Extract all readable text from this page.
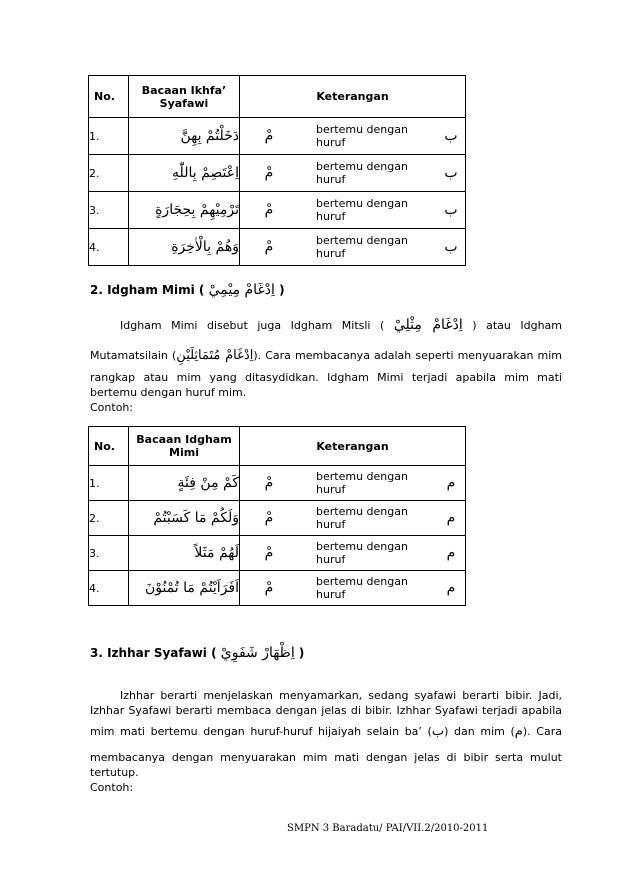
No.	Bacaan Ikhfa’ Syafawi	Keterangan
1.	دَخَلْتُمْ بِهِنَّ	مْ bertemu dengan huruf ب

2.	اِعْتَصِمْ بِاللّٰهِ	مْ bertemu dengan huruf ب

3.	تَرْمِيْهِمْ بِحِجَارَةٍ	مْ bertemu dengan huruf ب

4.	وَهُمْ بِالْاٰخِرَةِ	مْ bertemu dengan huruf ب
2. Idgham Mimi ( اِدْغَامْ مِيْمِيْ )
Idgham Mimi disebut juga Idgham Mitsli ( اِدْغَامْ مِثْلِيْ ) atau Idgham
Mutamatsilain (اِدْغَامْ مُتَمَاثِلَيْنِ). Cara membacanya adalah seperti menyuarakan mim
rangkap atau mim yang ditasydidkan. Idgham Mimi terjadi apabila mim mati
bertemu dengan huruf mim.
Contoh:
No.	Bacaan Idgham Mimi	Keterangan
1.	كَمْ مِنْ فِئَةٍ	مْ bertemu dengan huruf م

2.	وَلَكُمْ مَا كَسَبْتُمْ	مْ bertemu dengan huruf م

3.	لَهُمْ مَثَلاً	مْ bertemu dengan huruf م

4.	اَفَرَاَيْتُمْ مَا تُمْنُوْنَ	مْ bertemu dengan huruf م
3. Izhhar Syafawi ( اِظْهَارْ شَفَوِيْ )
Izhhar berarti menjelaskan menyamarkan, sedang syafawi berarti bibir. Jadi,
Izhhar Syafawi berarti membaca dengan jelas di bibir. Izhhar Syafawi terjadi apabila
mim mati bertemu dengan huruf-huruf hijaiyah selain ba’ (ب) dan mim (م). Cara
membacanya dengan menyuarakan mim mati dengan jelas di bibir serta mulut
tertutup.
Contoh:
SMPN 3 Baradatu/ PAI/VII.2/2010-2011
